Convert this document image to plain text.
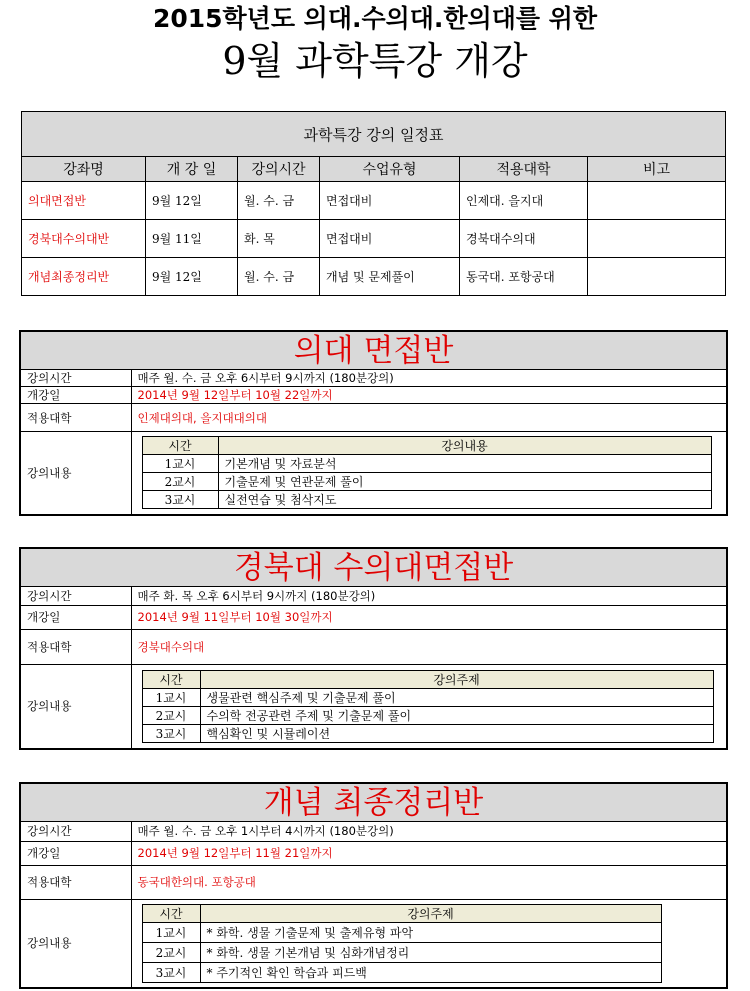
2015학년도 의대.수의대.한의대를 위한
9월 과학특강 개강
과학특강 강의 일정표					
강좌명	개 강 일	강의시간	수업유형	적용대학	비고
의대면접반	9월 12일	월. 수. 금	면접대비	인제대. 을지대	
경북대수의대반	9월 11일	화. 목	면접대비	경북대수의대	
개념최종정리반	9월 12일	월. 수. 금	개념 및 문제풀이	동국대. 포항공대	
의대 면접반
강의시간	매주 월. 수. 금 오후 6시부터 9시까지 (180분강의)
개강일	2014년 9월 12일부터 10월 22일까지
적용대학	인제대의대, 을지대대의대
강의내용	
시간	강의내용
1교시	기본개념 및 자료분석
2교시	기출문제 및 연관문제 풀이
3교시	실전연습 및 첨삭지도
경북대 수의대면접반
강의시간	매주 화. 목 오후 6시부터 9시까지 (180분강의)
개강일	2014년 9월 11일부터 10월 30일까지
적용대학	경북대수의대
강의내용	
시간	강의주제
1교시	생물관련 핵심주제 및 기출문제 풀이
2교시	수의학 전공관련 주제 및 기출문제 풀이
3교시	핵심확인 및 시뮬레이션
개념 최종정리반
강의시간	매주 월. 수. 금 오후 1시부터 4시까지 (180분강의)
개강일	2014년 9월 12일부터 11월 21일까지
적용대학	동국대한의대. 포항공대
강의내용	
시간	강의주제
1교시	* 화학. 생물 기출문제 및 출제유형 파악
2교시	* 화학. 생물 기본개념 및 심화개념정리
3교시	* 주기적인 확인 학습과 피드백
